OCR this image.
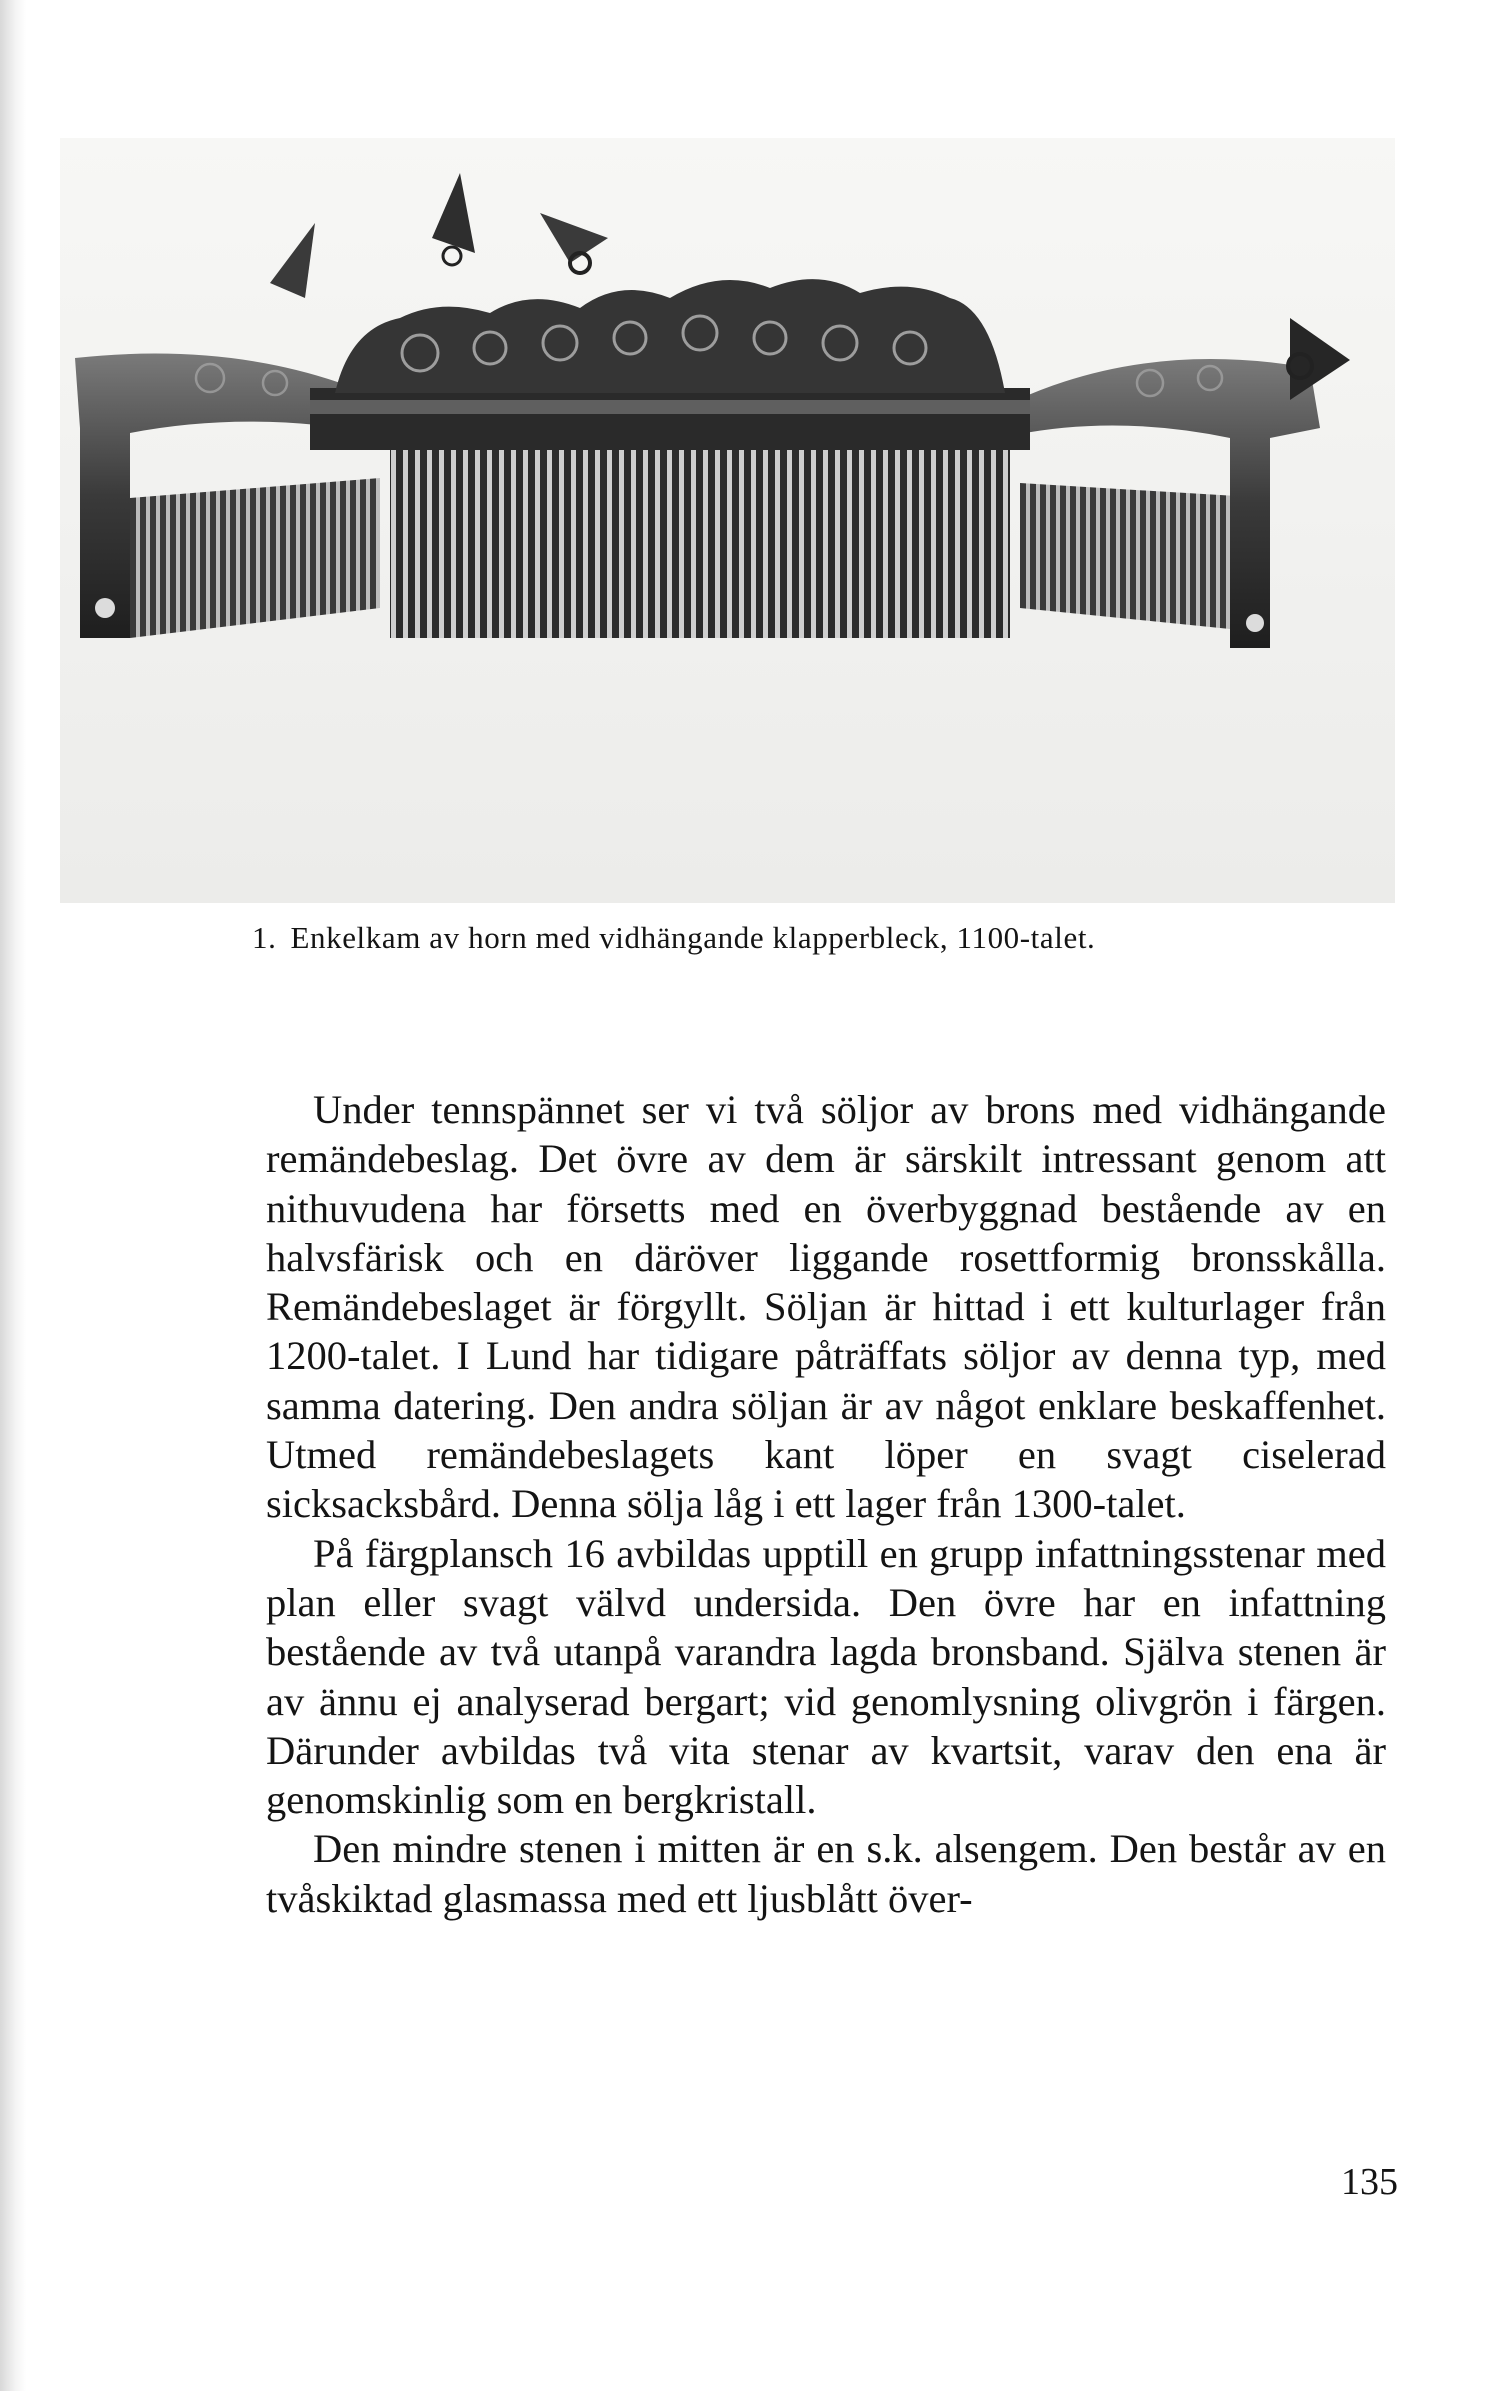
1. Enkelkam av horn med vidhängande klapperbleck, 1100-talet.

Under tennspännet ser vi två söljor av brons med vidhängande remändebeslag. Det övre av dem är särskilt intressant genom att nithuvudena har försetts med en överbyggnad bestående av en halvsfärisk och en däröver liggande rosettformig bronsskålla. Remändebeslaget är förgyllt. Söljan är hittad i ett kulturlager från 1200-talet. I Lund har tidigare påträffats söljor av denna typ, med samma datering. Den andra söljan är av något enklare beskaffenhet. Utmed remändebeslagets kant löper en svagt ciselerad sicksacksbård. Denna sölja låg i ett lager från 1300-talet.

På färgplansch 16 avbildas upptill en grupp infattningsstenar med plan eller svagt välvd undersida. Den övre har en infattning bestående av två utanpå varandra lagda bronsband. Själva stenen är av ännu ej analyserad bergart; vid genomlysning olivgrön i färgen. Därunder avbildas två vita stenar av kvartsit, varav den ena är genomskinlig som en bergkristall.

Den mindre stenen i mitten är en s.k. alsengem. Den består av en tvåskiktad glasmassa med ett ljusblått över-

135
